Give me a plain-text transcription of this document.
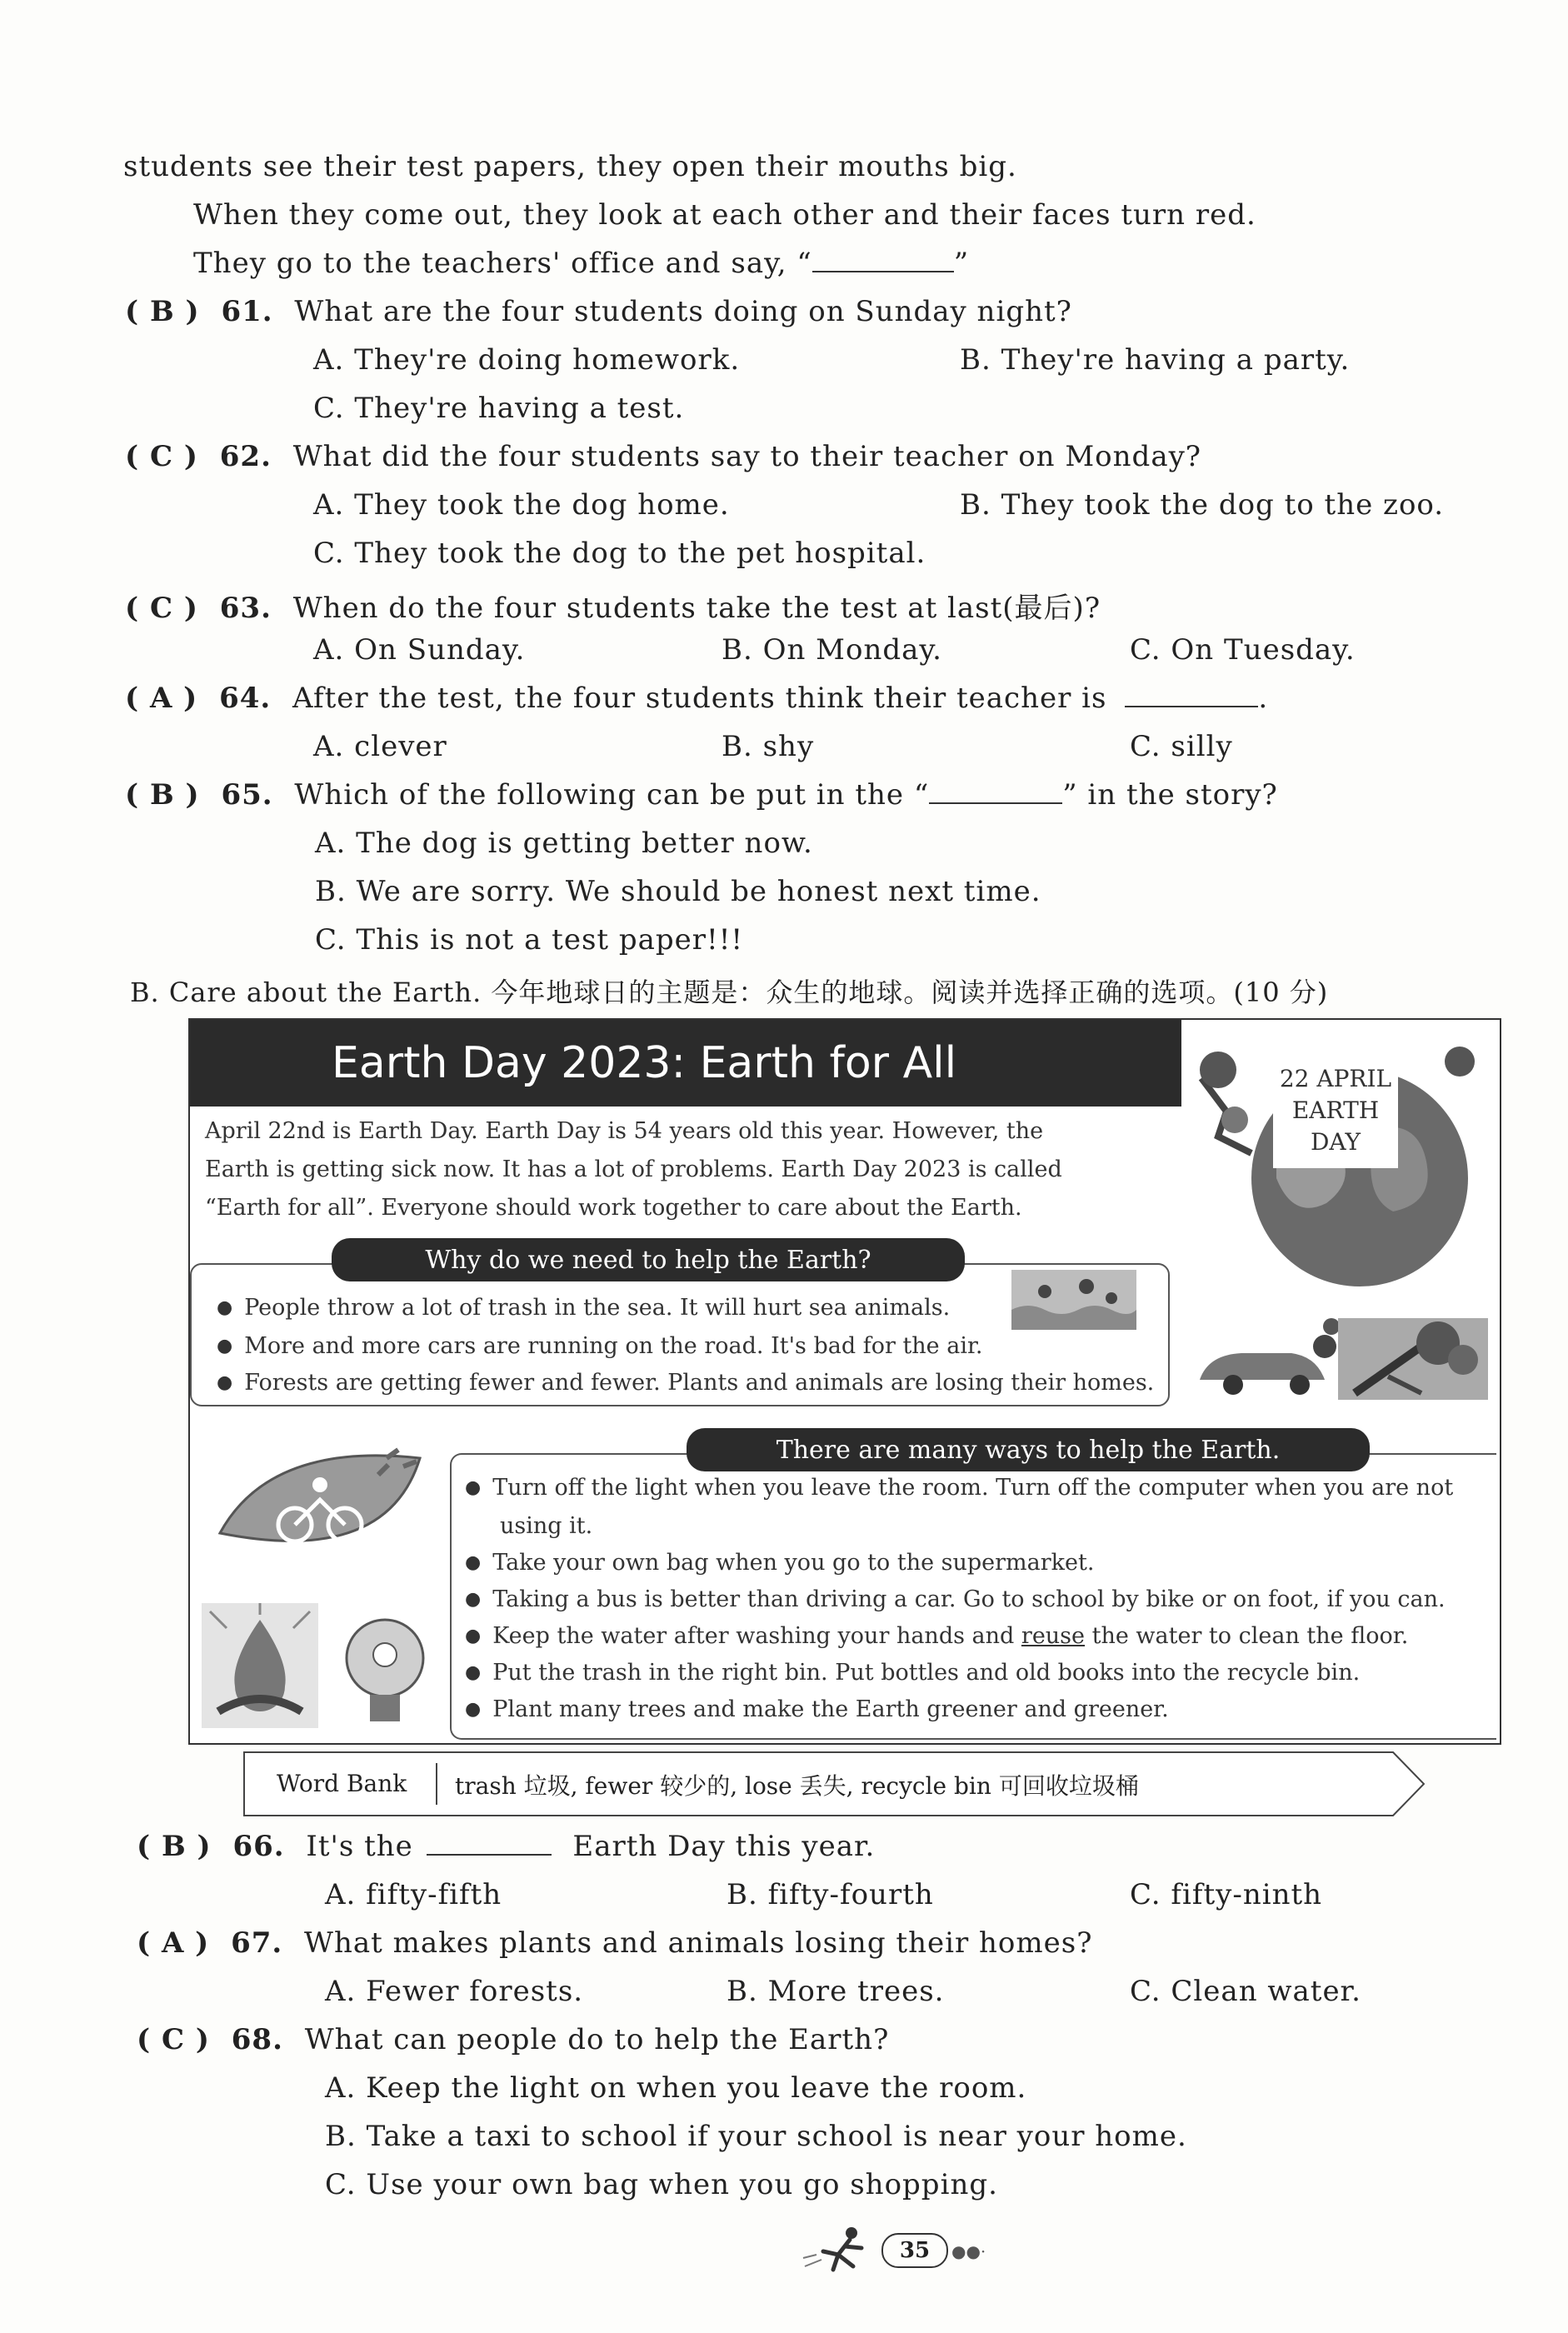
students see their test papers, they open their mouths big.
When they come out, they look at each other and their faces turn red.
They go to the teachers' office and say, “	”
( B ) 61. What are the four students doing on Sunday night?
A. They're doing homework.	B. They're having a party.
C. They're having a test.
( C ) 62. What did the four students say to their teacher on Monday?
A. They took the dog home.	B. They took the dog to the zoo.
C. They took the dog to the pet hospital.
( C ) 63. When do the four students take the test at last(最后)?
A. On Sunday.	B. On Monday.	C. On Tuesday.
( A ) 64. After the test, the four students think their teacher is	.
A. clever	B. shy	C. silly
( B ) 65. Which of the following can be put in the “	” in the story?
A. The dog is getting better now.
B. We are sorry. We should be honest next time.
C. This is not a test paper!!!
B. Care about the Earth. 今年地球日的主题是：众生的地球。阅读并选择正确的选项。(10 分)
Earth Day 2023: Earth for All	22 APRIL
EARTH
DAY
April 22nd is Earth Day. Earth Day is 54 years old this year. However, the
Earth is getting sick now. It has a lot of problems. Earth Day 2023 is called
“Earth for all”. Everyone should work together to care about the Earth.
Why do we need to help the Earth?
● People throw a lot of trash in the sea. It will hurt sea animals.
● More and more cars are running on the road. It's bad for the air.
● Forests are getting fewer and fewer. Plants and animals are losing their homes.
There are many ways to help the Earth.
● Turn off the light when you leave the room. Turn off the computer when you are not
using it.
● Take your own bag when you go to the supermarket.
● Taking a bus is better than driving a car. Go to school by bike or on foot, if you can.
● Keep the water after washing your hands and reuse the water to clean the floor.
● Put the trash in the right bin. Put bottles and old books into the recycle bin.
● Plant many trees and make the Earth greener and greener.
Word Bank trash 垃圾, fewer 较少的, lose 丢失, recycle bin 可回收垃圾桶
( B ) 66. It's the	Earth Day this year.
A. fifty-fifth	B. fifty-fourth	C. fifty-ninth
( A ) 67. What makes plants and animals losing their homes?
A. Fewer forests.	B. More trees.	C. Clean water.
( C ) 68. What can people do to help the Earth?
A. Keep the light on when you leave the room.
B. Take a taxi to school if your school is near your home.
C. Use your own bag when you go shopping.
35	●●·
